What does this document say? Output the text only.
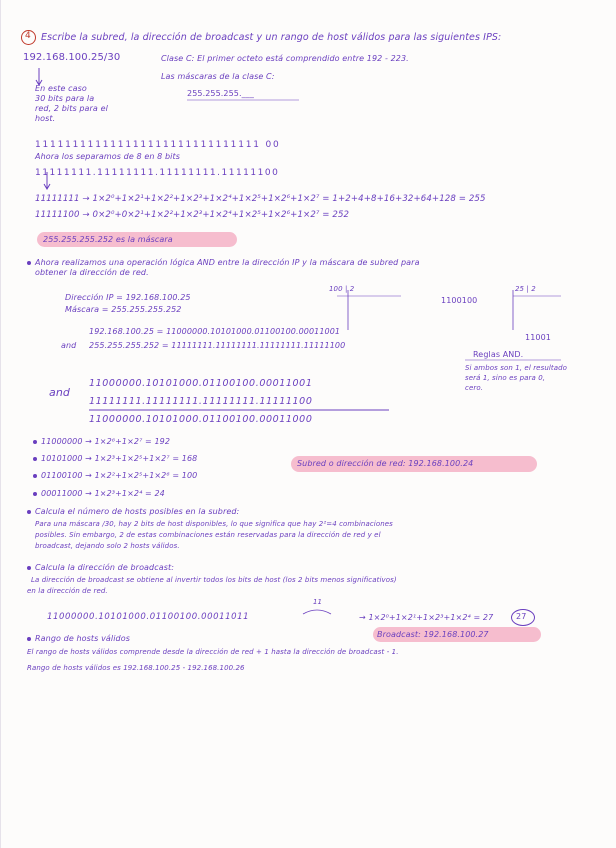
4 Escribe la subred, la dirección de broadcast y un rango de host válidos para las siguientes IPS:
192.168.100.25/30	Clase C: El primer octeto está comprendido entre 192 - 223.
Las máscaras de la clase C:
255.255.255.___
En este caso
30 bits para la
red, 2 bits para el
host.
111111111111111111111111111111 00
Ahora los separamos de 8 en 8 bits
11111111.11111111.11111111.11111100
11111111 → 1×2⁰+1×2¹+1×2²+1×2³+1×2⁴+1×2⁵+1×2⁶+1×2⁷ = 1+2+4+8+16+32+64+128 = 255
11111100 → 0×2⁰+0×2¹+1×2²+1×2³+1×2⁴+1×2⁵+1×2⁶+1×2⁷ = 252
255.255.255.252 es la máscara
Ahora realizamos una operación lógica AND entre la dirección IP y la máscara de subred para
obtener la dirección de red.
Dirección IP = 192.168.100.25
Máscara = 255.255.255.252
100 | 2
1100100
25 | 2
11001
192.168.100.25 = 11000000.10101000.01100100.00011001
and 255.255.255.252 = 11111111.11111111.11111111.11111100
Reglas AND.
Si ambos son 1, el resultado
será 1, sino es para 0,
cero.
and
11000000.10101000.01100100.00011001
11111111.11111111.11111111.11111100
11000000.10101000.01100100.00011000
11000000 → 1×2⁶+1×2⁷ = 192
10101000 → 1×2³+1×2⁵+1×2⁷ = 168
01100100 → 1×2²+1×2⁵+1×2⁶ = 100
00011000 → 1×2³+1×2⁴ = 24
Subred o dirección de red: 192.168.100.24
Calcula el número de hosts posibles en la subred:
Para una máscara /30, hay 2 bits de host disponibles, lo que significa que hay 2²=4 combinaciones
posibles. Sin embargo, 2 de estas combinaciones están reservadas para la dirección de red y el
broadcast, dejando solo 2 hosts válidos.
Calcula la dirección de broadcast:
La dirección de broadcast se obtiene al invertir todos los bits de host (los 2 bits menos significativos)
en la dirección de red.
11
11000000.10101000.01100100.00011011	→ 1×2⁰+1×2¹+1×2³+1×2⁴ = 27	27
Broadcast: 192.168.100.27
Rango de hosts válidos
El rango de hosts válidos comprende desde la dirección de red + 1 hasta la dirección de broadcast - 1.
Rango de hosts válidos es 192.168.100.25 - 192.168.100.26
